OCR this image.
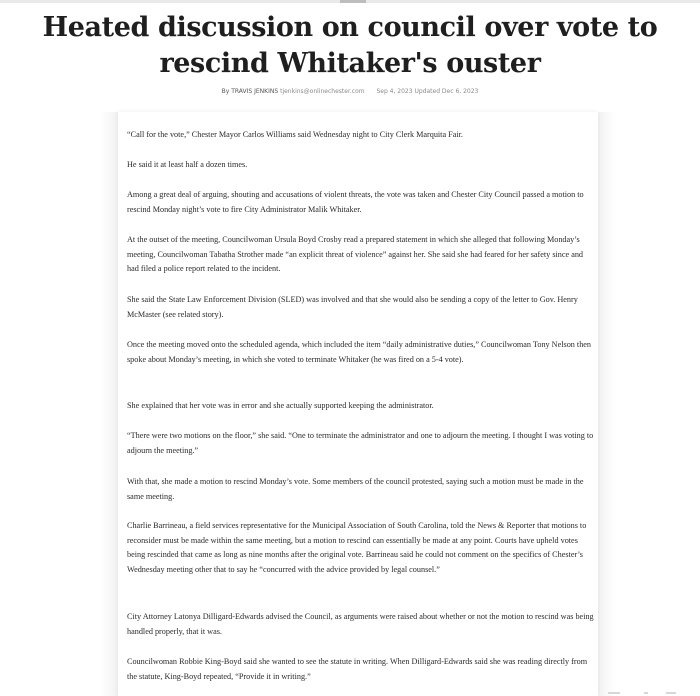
Heated discussion on council over vote to rescind Whitaker's ouster
By TRAVIS JENKINS tjenkins@onlinechester.com Sep 4, 2023 Updated Dec 6, 2023

“Call for the vote,” Chester Mayor Carlos Williams said Wednesday night to City Clerk Marquita Fair.

He said it at least half a dozen times.

Among a great deal of arguing, shouting and accusations of violent threats, the vote was taken and Chester City Council passed a motion to rescind Monday night’s vote to fire City Administrator Malik Whitaker.

At the outset of the meeting, Councilwoman Ursula Boyd Crosby read a prepared statement in which she alleged that following Monday’s meeting, Councilwoman Tabatha Strother made “an explicit threat of violence” against her. She said she had feared for her safety since and had filed a police report related to the incident.

She said the State Law Enforcement Division (SLED) was involved and that she would also be sending a copy of the letter to Gov. Henry McMaster (see related story).

Once the meeting moved onto the scheduled agenda, which included the item “daily administrative duties,” Councilwoman Tony Nelson then spoke about Monday’s meeting, in which she voted to terminate Whitaker (he was fired on a 5-4 vote).

She explained that her vote was in error and she actually supported keeping the administrator.

“There were two motions on the floor,” she said. “One to terminate the administrator and one to adjourn the meeting. I thought I was voting to adjourn the meeting.”

With that, she made a motion to rescind Monday’s vote. Some members of the council protested, saying such a motion must be made in the same meeting.

Charlie Barrineau, a field services representative for the Municipal Association of South Carolina, told the News & Reporter that motions to reconsider must be made within the same meeting, but a motion to rescind can essentially be made at any point. Courts have upheld votes being rescinded that came as long as nine months after the original vote. Barrineau said he could not comment on the specifics of Chester’s Wednesday meeting other that to say he “concurred with the advice provided by legal counsel.”

City Attorney Latonya Dilligard-Edwards advised the Council, as arguments were raised about whether or not the motion to rescind was being handled properly, that it was.

Councilwoman Robbie King-Boyd said she wanted to see the statute in writing. When Dilligard-Edwards said she was reading directly from the statute, King-Boyd repeated, “Provide it in writing.”
